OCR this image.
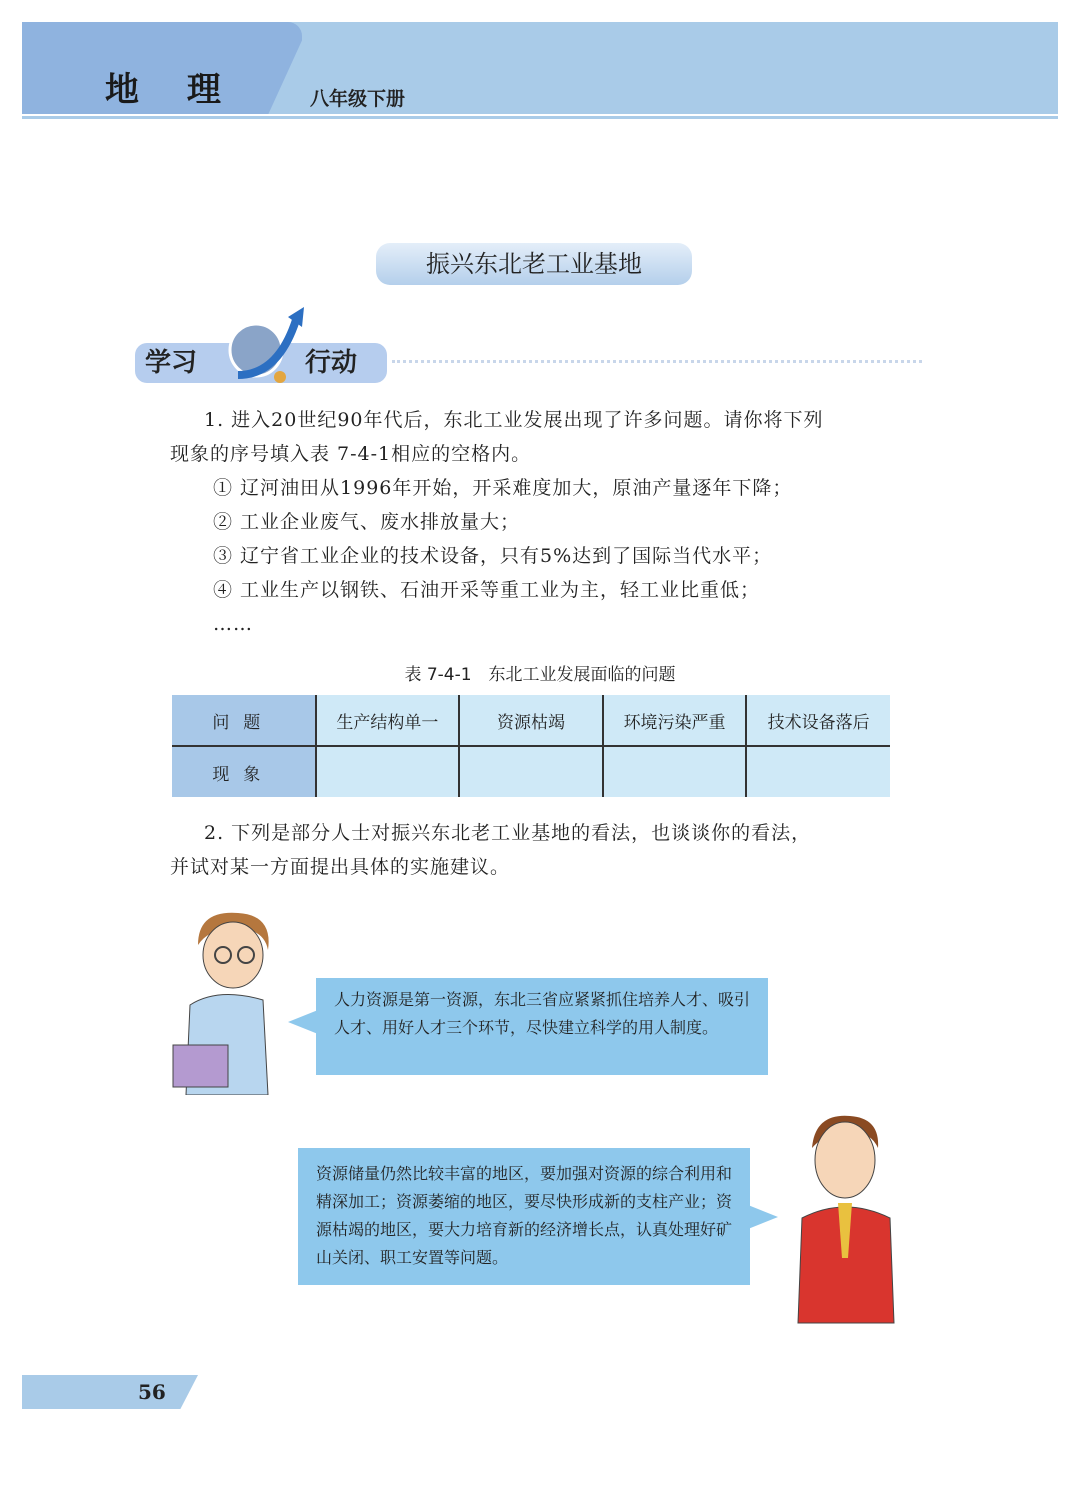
地 理	八年级下册
振兴东北老工业基地
学习	行动
1. 进入20世纪90年代后，东北工业发展出现了许多问题。请你将下列
现象的序号填入表 7-4-1相应的空格内。
① 辽河油田从1996年开始，开采难度加大，原油产量逐年下降；
② 工业企业废气、废水排放量大；
③ 辽宁省工业企业的技术设备，只有5%达到了国际当代水平；
④ 工业生产以钢铁、石油开采等重工业为主，轻工业比重低；
……
表 7-4-1　东北工业发展面临的问题
问题	生产结构单一	资源枯竭	环境污染严重	技术设备落后
现象				
2. 下列是部分人士对振兴东北老工业基地的看法，也谈谈你的看法，
并试对某一方面提出具体的实施建议。
人力资源是第一资源，东北三省应紧紧抓住培养人才、吸引人才、用好人才三个环节，尽快建立科学的用人制度。
资源储量仍然比较丰富的地区，要加强对资源的综合利用和精深加工；资源萎缩的地区，要尽快形成新的支柱产业；资源枯竭的地区，要大力培育新的经济增长点，认真处理好矿山关闭、职工安置等问题。
56
